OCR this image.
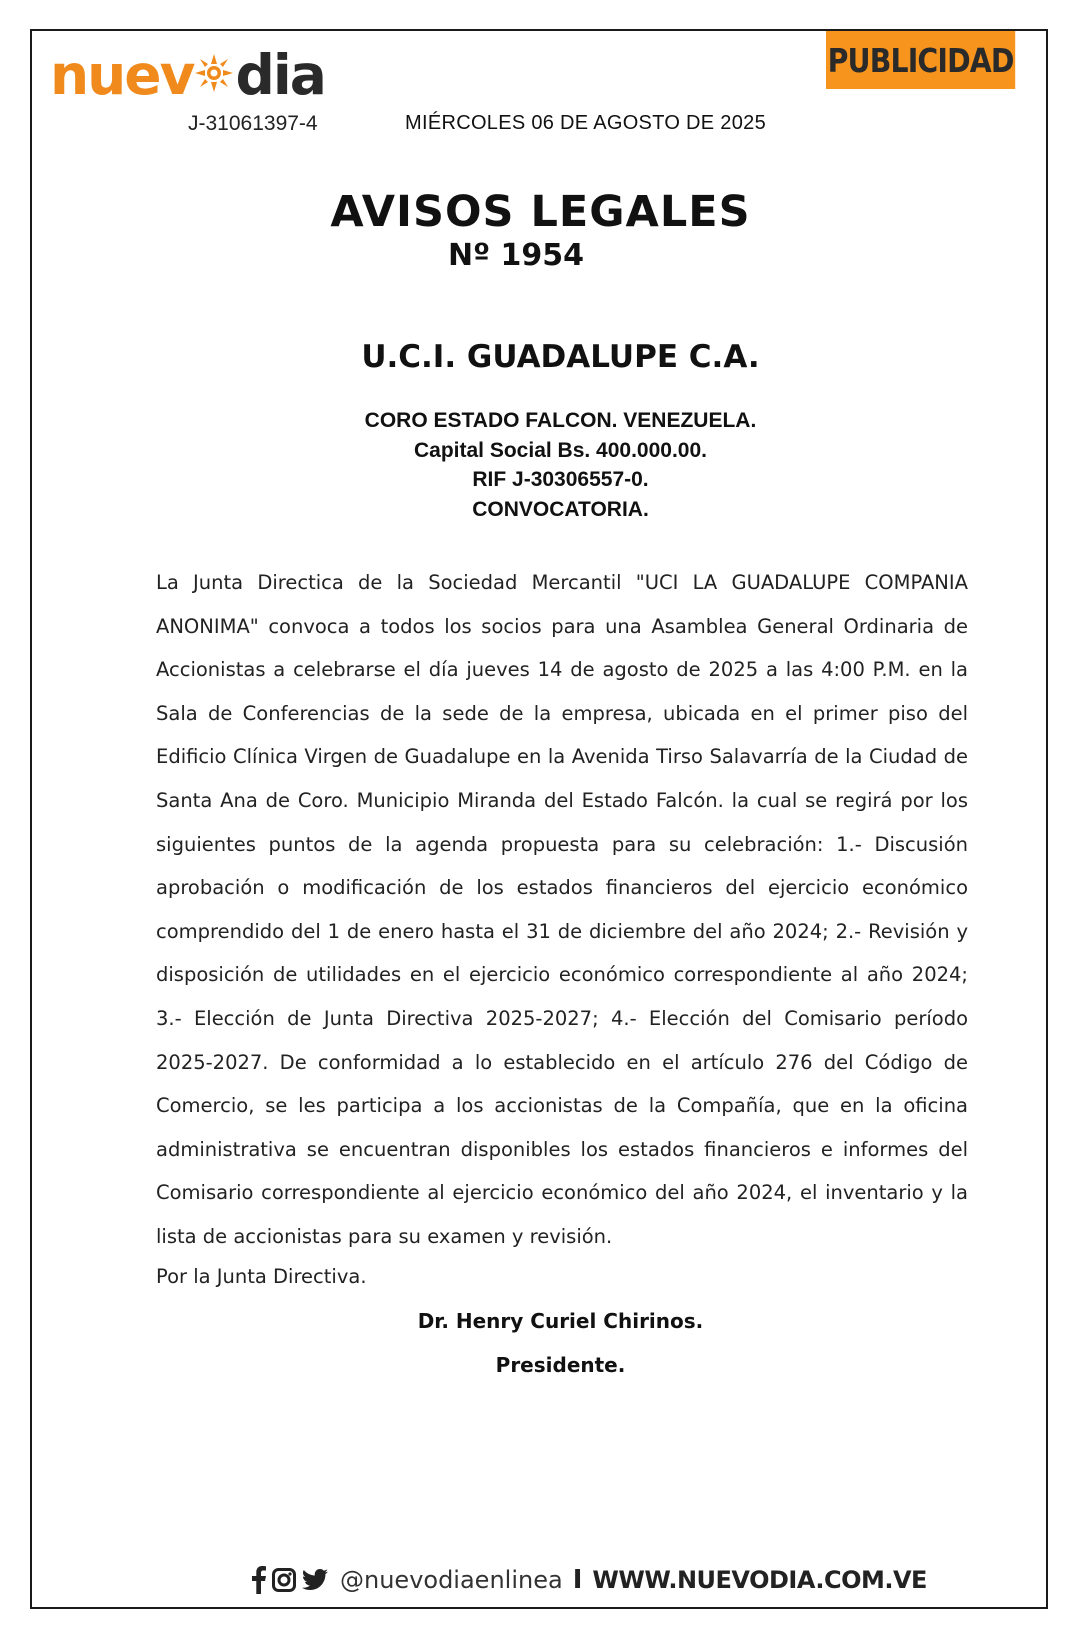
nuev dia
J-31061397-4	MIÉRCOLES 06 DE AGOSTO DE 2025
PUBLICIDAD
AVISOS LEGALES
Nº 1954
U.C.I. GUADALUPE C.A.
CORO ESTADO FALCON. VENEZUELA.
Capital Social Bs. 400.000.00.
RIF J-30306557-0.
CONVOCATORIA.
La Junta Directica de la Sociedad Mercantil "UCI LA GUADALUPE COMPANIA ANONIMA" convoca a todos los socios para una Asamblea General Ordinaria de Accionistas a celebrarse el día jueves 14 de agosto de 2025 a las 4:00 P.M. en la Sala de Conferencias de la sede de la empresa, ubicada en el primer piso del Edificio Clínica Virgen de Guadalupe en la Avenida Tirso Salavarría de la Ciudad de Santa Ana de Coro. Municipio Miranda del Estado Falcón. la cual se regirá por los siguientes puntos de la agenda propuesta para su celebración: 1.- Discusión aprobación o modificación de los estados financieros del ejercicio económico comprendido del 1 de enero hasta el 31 de diciembre del año 2024; 2.- Revisión y disposición de utilidades en el ejercicio económico correspondiente al año 2024; 3.- Elección de Junta Directiva 2025-2027; 4.- Elección del Comisario período 2025-2027. De conformidad a lo establecido en el artículo 276 del Código de Comercio, se les participa a los accionistas de la Compañía, que en la oficina administrativa se encuentran disponibles los estados financieros e informes del Comisario correspondiente al ejercicio económico del año 2024, el inventario y la lista de accionistas para su examen y revisión.
Por la Junta Directiva.
Dr. Henry Curiel Chirinos.
Presidente.
@nuevodiaenlinea I WWW.NUEVODIA.COM.VE
